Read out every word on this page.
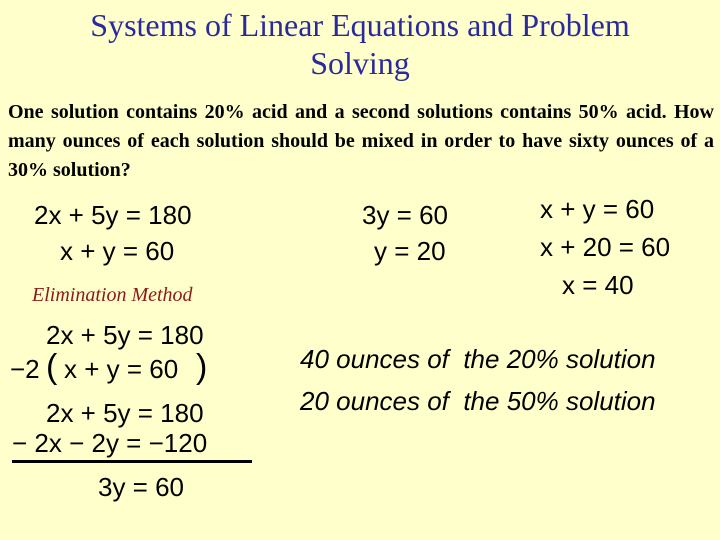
Systems of Linear Equations and Problem
Solving
One solution contains 20% acid and a second solutions contains 50% acid. How many ounces of each solution should be mixed in order to have sixty ounces of a 30% solution?
2x + 5y = 180
x + y = 60
Elimination Method
2x + 5y = 180
−2 ( x + y = 60 )
2x + 5y = 180
− 2x − 2y = −120
3y = 60
3y = 60
y = 20
x + y = 60
x + 20 = 60
x = 40
40 ounces of  the 20% solution
20 ounces of  the 50% solution
